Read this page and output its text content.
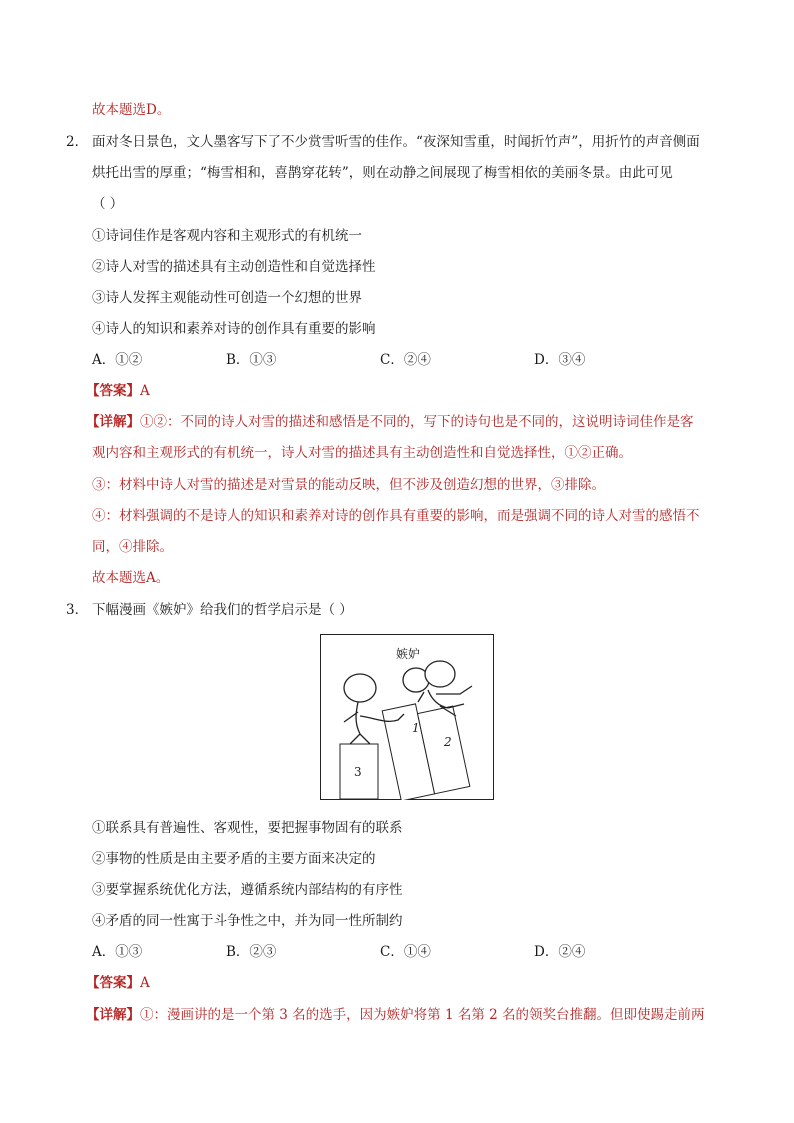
故本题选D。
2． 面对冬日景色，文人墨客写下了不少赏雪听雪的佳作。“夜深知雪重，时闻折竹声”，用折竹的声音侧面
烘托出雪的厚重；“梅雪相和，喜鹊穿花转”，则在动静之间展现了梅雪相依的美丽冬景。由此可见
（ ）
①诗词佳作是客观内容和主观形式的有机统一
②诗人对雪的描述具有主动创造性和自觉选择性
③诗人发挥主观能动性可创造一个幻想的世界
④诗人的知识和素养对诗的创作具有重要的影响
A．①②	B．①③	C．②④	D．③④
【答案】A
【详解】①②：不同的诗人对雪的描述和感悟是不同的，写下的诗句也是不同的，这说明诗词佳作是客
观内容和主观形式的有机统一，诗人对雪的描述具有主动创造性和自觉选择性，①②正确。
③：材料中诗人对雪的描述是对雪景的能动反映，但不涉及创造幻想的世界，③排除。
④：材料强调的不是诗人的知识和素养对诗的创作具有重要的影响，而是强调不同的诗人对雪的感悟不
同，④排除。
故本题选A。
3． 下幅漫画《嫉妒》给我们的哲学启示是（ ）
嫉妒
3
1
2
①联系具有普遍性、客观性，要把握事物固有的联系
②事物的性质是由主要矛盾的主要方面来决定的
③要掌握系统优化方法，遵循系统内部结构的有序性
④矛盾的同一性寓于斗争性之中，并为同一性所制约
A．①③	B．②③	C．①④	D．②④
【答案】A
【详解】①：漫画讲的是一个第 3 名的选手，因为嫉妒将第 1 名第 2 名的领奖台推翻。但即使踢走前两
